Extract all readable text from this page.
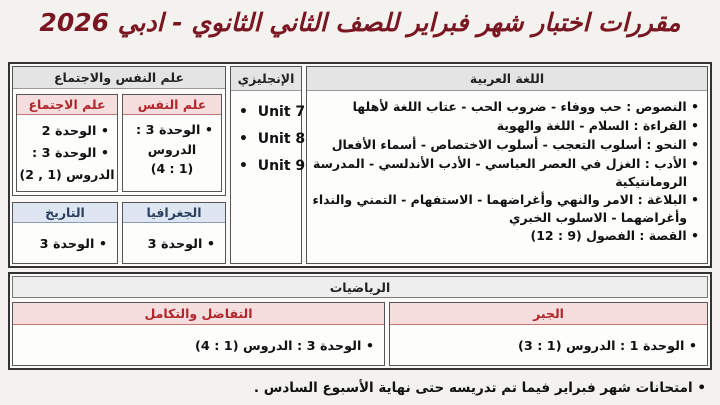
مقررات اختبار شهر فبراير للصف الثاني الثانوي - ادبي 2026
اللغة العربية
• النصوص : حب ووفاء - ضروب الحب - عتاب اللغة لأهلها
• القراءة : السلام - اللغة والهوية
• النحو : أسلوب التعجب - أسلوب الاختصاص - أسماء الأفعال
• الأدب : الغزل في العصر العباسي - الأدب الأندلسي - المدرسة
الرومانتيكية
• البلاغة : الامر والنهي وأغراضهما - الاستفهام - التمني والنداء
وأغراضهما - الاسلوب الخبري
• القصة : الفصول (9 : 12)
الإنجليزي
•  Unit 7
•  Unit 8
•  Unit 9
علم النفس والاجتماع
علم النفس
• الوحدة 3 :
الدروس
(1 : 4)
علم الاجتماع
• الوحدة 2
• الوحدة 3 :
الدروس (1 , 2)
الجغرافيا
• الوحدة 3
التاريخ
• الوحدة 3
الرياضيات
الجبر
• الوحدة 1 : الدروس (1 : 3)
التفاضل والتكامل
• الوحدة 3 : الدروس (1 : 4)
• امتحانات شهر فبراير فيما تم تدريسه حتى نهاية الأسبوع السادس .
